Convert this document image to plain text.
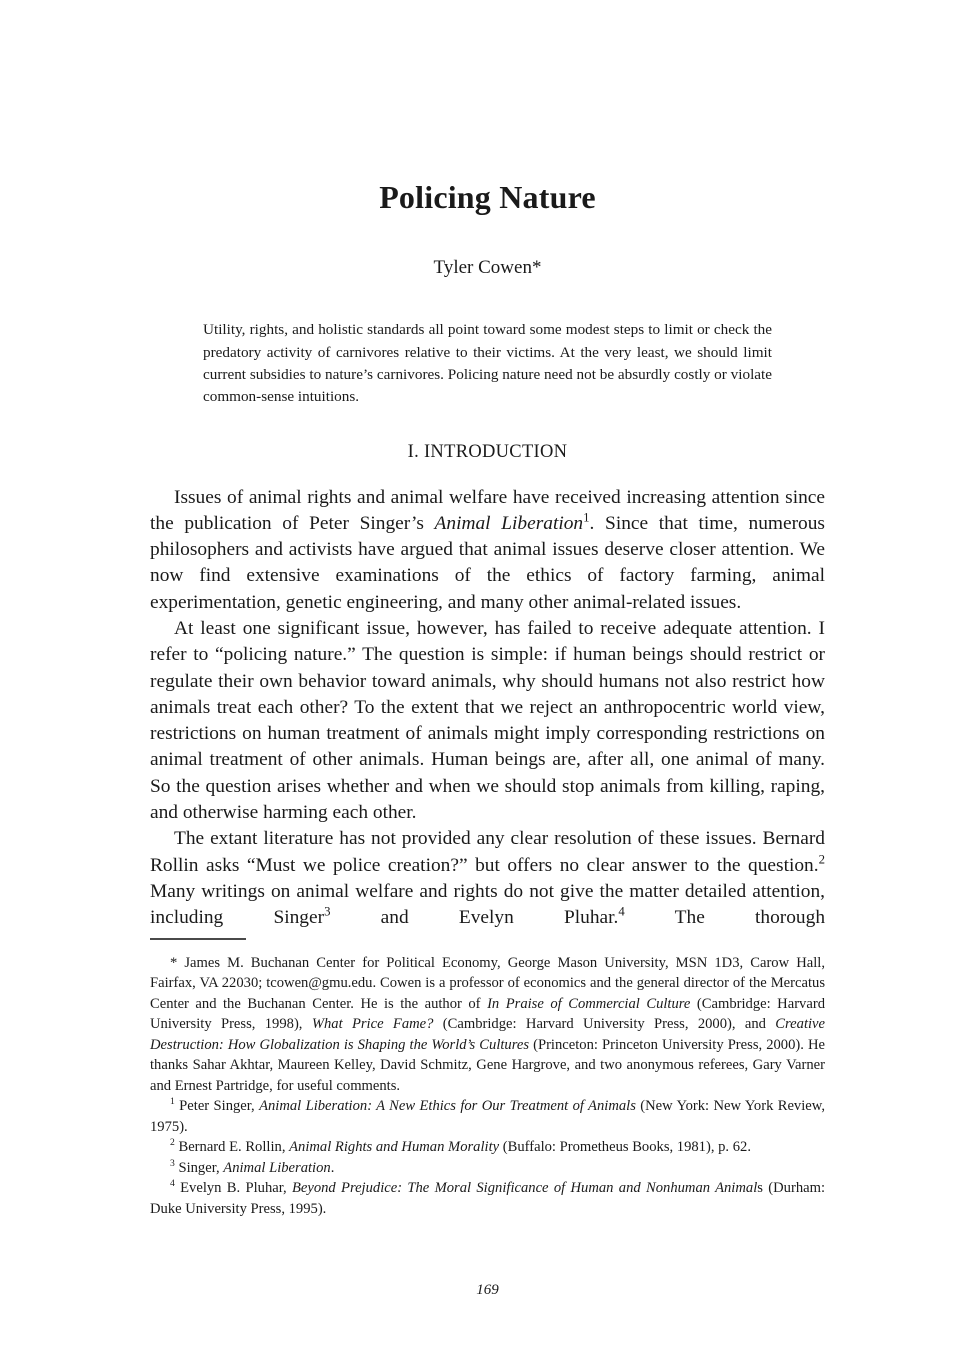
Policing Nature
Tyler Cowen*
Utility, rights, and holistic standards all point toward some modest steps to limit or check the predatory activity of carnivores relative to their victims. At the very least, we should limit current subsidies to nature’s carnivores. Policing nature need not be absurdly costly or violate common-sense intuitions.
I. INTRODUCTION

Issues of animal rights and animal welfare have received increasing attention since the publication of Peter Singer’s Animal Liberation$^1$. Since that time, numerous philosophers and activists have argued that animal issues deserve closer attention. We now find extensive examinations of the ethics of factory farming, animal experimentation, genetic engineering, and many other animal-related issues.

At least one significant issue, however, has failed to receive adequate attention. I refer to “policing nature.” The question is simple: if human beings should restrict or regulate their own behavior toward animals, why should humans not also restrict how animals treat each other? To the extent that we reject an anthropocentric world view, restrictions on human treatment of animals might imply corresponding restrictions on animal treatment of other animals. Human beings are, after all, one animal of many. So the question arises whether and when we should stop animals from killing, raping, and otherwise harming each other.

The extant literature has not provided any clear resolution of these issues. Bernard Rollin asks “Must we police creation?” but offers no clear answer to the question.$^2$ Many writings on animal welfare and rights do not give the matter detailed attention, including Singer$^3$ and Evelyn Pluhar.$^4$ The thorough

* James M. Buchanan Center for Political Economy, George Mason University, MSN 1D3, Carow Hall, Fairfax, VA 22030; tcowen@gmu.edu. Cowen is a professor of economics and the general director of the Mercatus Center and the Buchanan Center. He is the author of In Praise of Commercial Culture (Cambridge: Harvard University Press, 1998), What Price Fame? (Cambridge: Harvard University Press, 2000), and Creative Destruction: How Globalization is Shaping the World’s Cultures (Princeton: Princeton University Press, 2000). He thanks Sahar Akhtar, Maureen Kelley, David Schmitz, Gene Hargrove, and two anonymous referees, Gary Varner and Ernest Partridge, for useful comments.

$^1$ Peter Singer, Animal Liberation: A New Ethics for Our Treatment of Animals (New York: New York Review, 1975).

$^2$ Bernard E. Rollin, Animal Rights and Human Morality (Buffalo: Prometheus Books, 1981), p. 62.

$^3$ Singer, Animal Liberation.

$^4$ Evelyn B. Pluhar, Beyond Prejudice: The Moral Significance of Human and Nonhuman Animals (Durham: Duke University Press, 1995).

169
